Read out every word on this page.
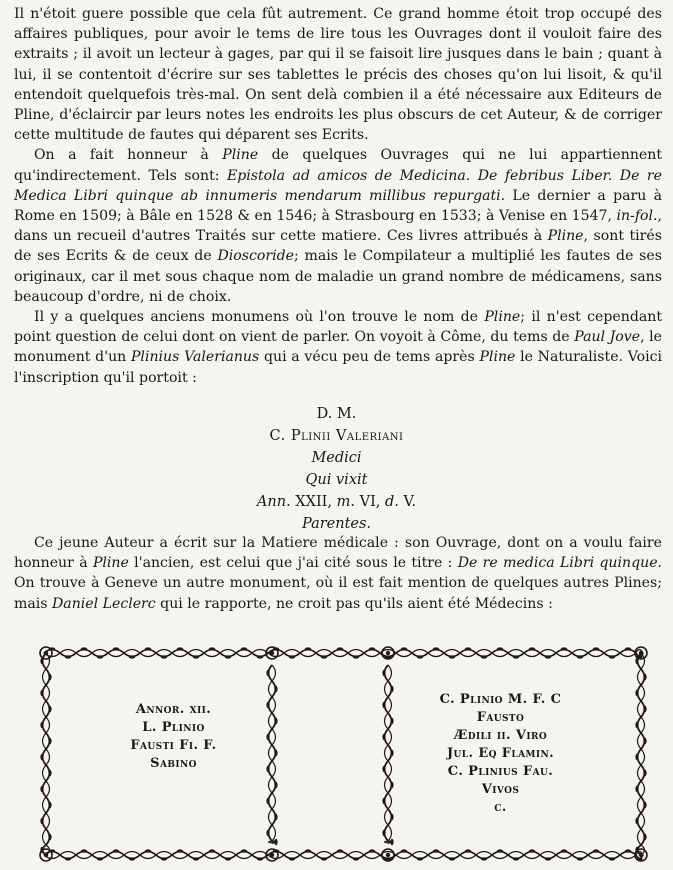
Il n'étoit guere possible que cela fût autrement. Ce grand homme étoit trop occupé des affaires publiques, pour avoir le tems de lire tous les Ouvrages dont il vouloit faire des extraits ; il avoit un lecteur à gages, par qui il se faisoit lire jusques dans le bain ; quant à lui, il se contentoit d'écrire sur ses tablettes le précis des choses qu'on lui lisoit, & qu'il entendoit quelquefois très-mal. On sent delà combien il a été nécessaire aux Editeurs de Pline, d'éclaircir par leurs notes les endroits les plus obscurs de cet Auteur, & de corriger cette multitude de fautes qui déparent ses Ecrits.

On a fait honneur à Pline de quelques Ouvrages qui ne lui appartiennent qu'indirectement. Tels sont: Epistola ad amicos de Medicina. De febribus Liber. De re Medica Libri quinque ab innumeris mendarum millibus repurgati. Le dernier a paru à Rome en 1509; à Bâle en 1528 & en 1546; à Strasbourg en 1533; à Venise en 1547, in-fol., dans un recueil d'autres Traités sur cette matiere. Ces livres attribués à Pline, sont tirés de ses Ecrits & de ceux de Dioscoride; mais le Compilateur a multiplié les fautes de ses originaux, car il met sous chaque nom de maladie un grand nombre de médicamens, sans beaucoup d'ordre, ni de choix.

Il y a quelques anciens monumens où l'on trouve le nom de Pline; il n'est cependant point question de celui dont on vient de parler. On voyoit à Côme, du tems de Paul Jove, le monument d'un Plinius Valerianus qui a vécu peu de tems après Pline le Naturaliste. Voici l'inscription qu'il portoit :

D. M.
C. Plinii Valeriani
Medici
Qui vixit
Ann. XXII, m. VI, d. V.
Parentes.

Ce jeune Auteur a écrit sur la Matiere médicale : son Ouvrage, dont on a voulu faire honneur à Pline l'ancien, est celui que j'ai cité sous le titre : De re medica Libri quinque. On trouve à Geneve un autre monument, où il est fait mention de quelques autres Plines; mais Daniel Leclerc qui le rapporte, ne croit pas qu'ils aient été Médecins :

Annor. xii.
L. Plinio
Fausti Fi. F.
Sabino
C. Plinio M. F. C
Fausto
Ædili ii. Viro
Jul. Eq Flamin.
C. Plinius Fau.
Vivos
c.
